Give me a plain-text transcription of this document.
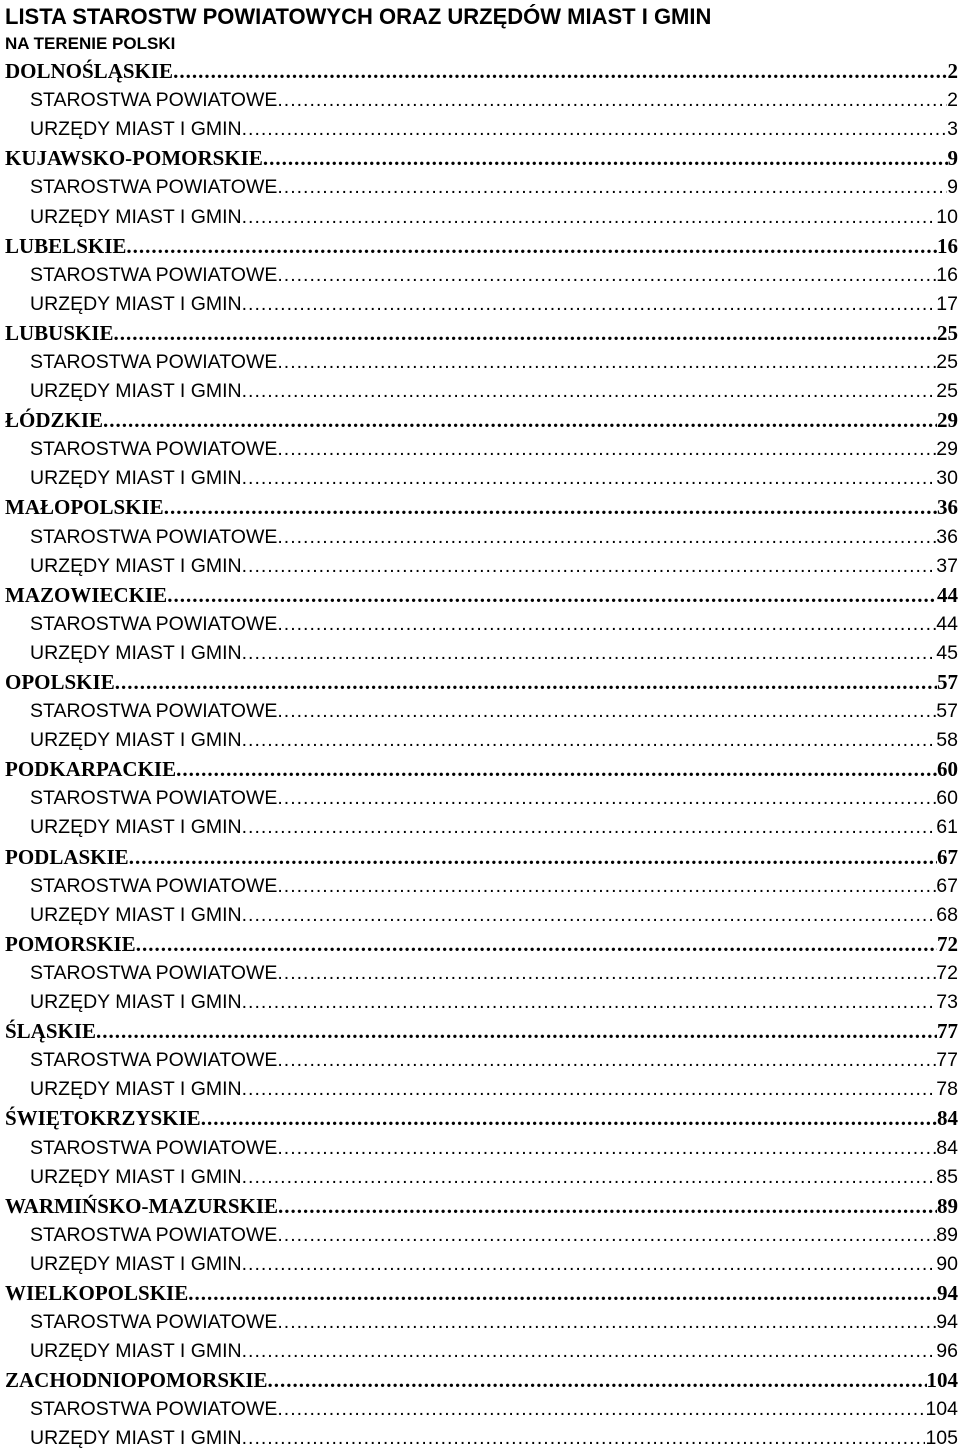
LISTA STAROSTW POWIATOWYCH ORAZ URZĘDÓW MIAST I GMIN
NA TERENIE POLSKI
DOLNOŚLĄSKIE .....	2
STAROSTWA POWIATOWE .....	2
URZĘDY MIAST I GMIN .....	3
KUJAWSKO-POMORSKIE .....	9
STAROSTWA POWIATOWE .....	9
URZĘDY MIAST I GMIN .....	10
LUBELSKIE .....	16
STAROSTWA POWIATOWE .....	16
URZĘDY MIAST I GMIN .....	17
LUBUSKIE .....	25
STAROSTWA POWIATOWE .....	25
URZĘDY MIAST I GMIN .....	25
ŁÓDZKIE .....	29
STAROSTWA POWIATOWE .....	29
URZĘDY MIAST I GMIN .....	30
MAŁOPOLSKIE .....	36
STAROSTWA POWIATOWE .....	36
URZĘDY MIAST I GMIN .....	37
MAZOWIECKIE .....	44
STAROSTWA POWIATOWE .....	44
URZĘDY MIAST I GMIN .....	45
OPOLSKIE .....	57
STAROSTWA POWIATOWE .....	57
URZĘDY MIAST I GMIN .....	58
PODKARPACKIE .....	60
STAROSTWA POWIATOWE .....	60
URZĘDY MIAST I GMIN .....	61
PODLASKIE .....	67
STAROSTWA POWIATOWE .....	67
URZĘDY MIAST I GMIN .....	68
POMORSKIE .....	72
STAROSTWA POWIATOWE .....	72
URZĘDY MIAST I GMIN .....	73
ŚLĄSKIE .....	77
STAROSTWA POWIATOWE .....	77
URZĘDY MIAST I GMIN .....	78
ŚWIĘTOKRZYSKIE .....	84
STAROSTWA POWIATOWE .....	84
URZĘDY MIAST I GMIN .....	85
WARMIŃSKO-MAZURSKIE .....	89
STAROSTWA POWIATOWE .....	89
URZĘDY MIAST I GMIN .....	90
WIELKOPOLSKIE .....	94
STAROSTWA POWIATOWE .....	94
URZĘDY MIAST I GMIN .....	96
ZACHODNIOPOMORSKIE .....	104
STAROSTWA POWIATOWE .....	104
URZĘDY MIAST I GMIN .....	105
